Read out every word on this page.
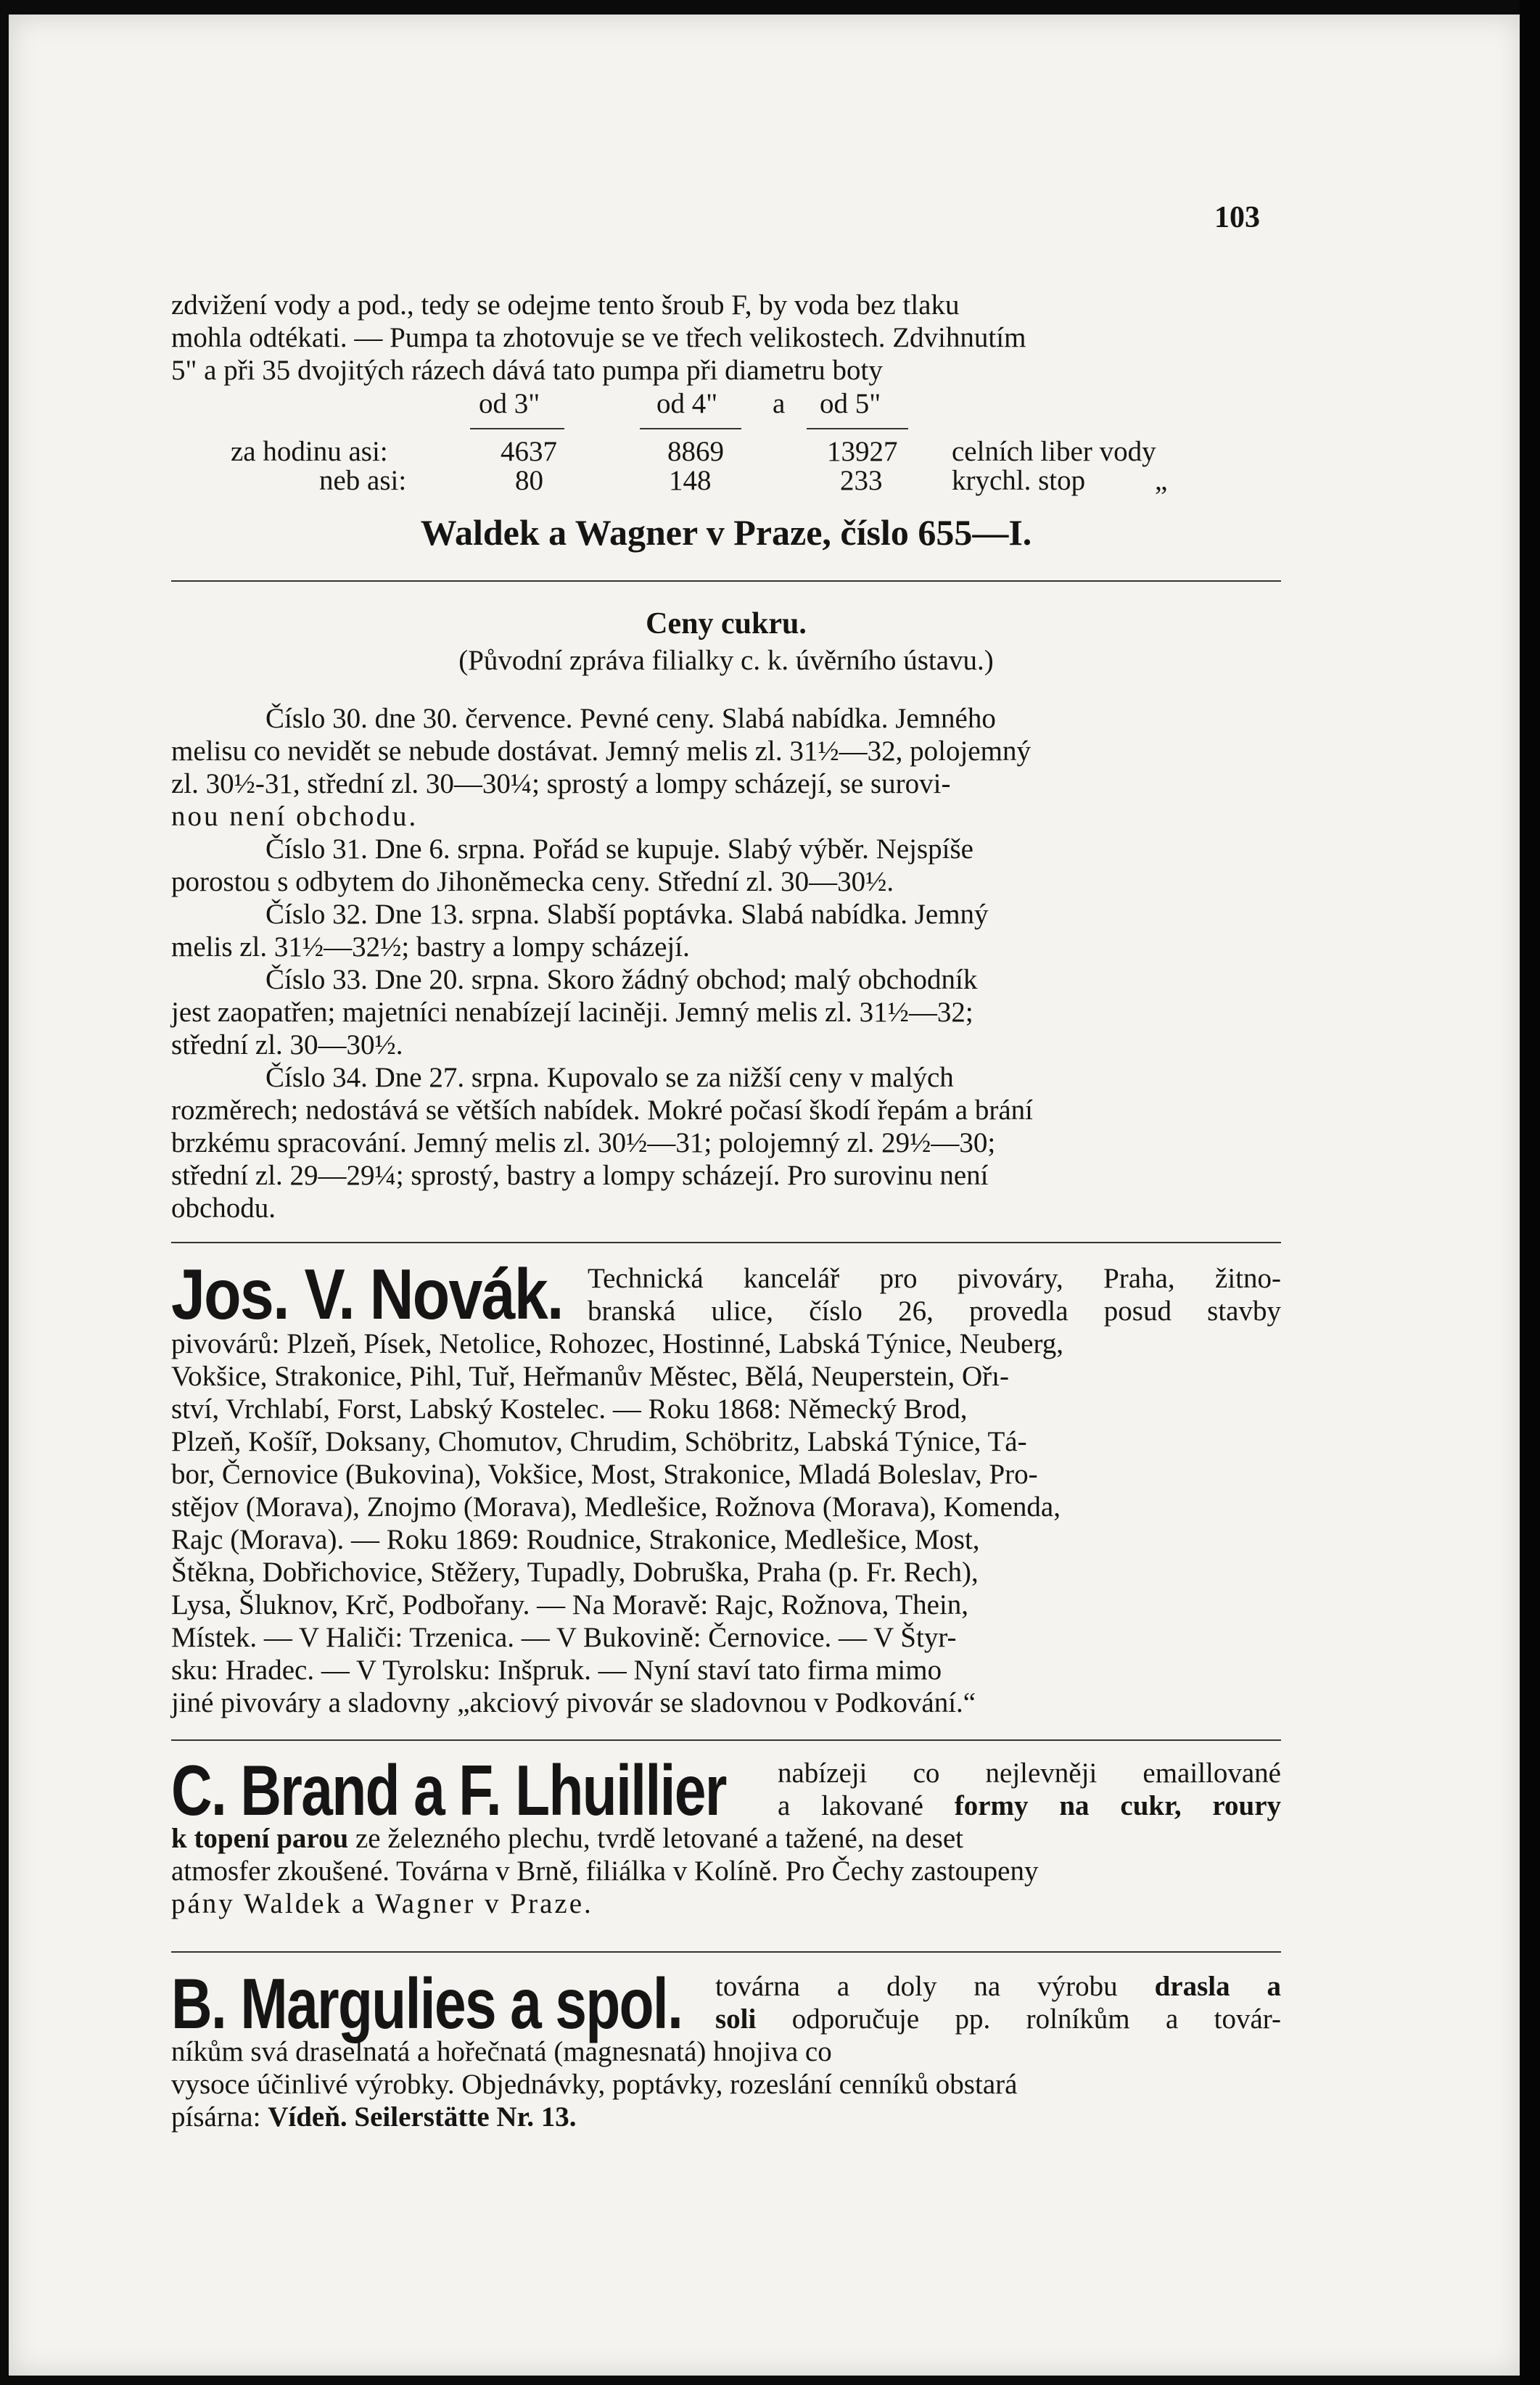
103
zdvižení vody a pod., tedy se odejme tento šroub F, by voda bez tlaku
mohla odtékati. — Pumpa ta zhotovuje se ve třech velikostech. Zdvihnutím
5" a při 35 dvojitých rázech dává tato pumpa při diametru boty
od 3"	od 4" a od 5"
za hodinu asi:	4637	8869	13927 celních liber vody
neb asi:	80	148	233 krychl. stop „
Waldek a Wagner v Praze, číslo 655—I.
Ceny cukru.
(Původní zpráva filialky c. k. úvěrního ústavu.)
Číslo 30. dne 30. července. Pevné ceny. Slabá nabídka. Jemného
melisu co nevidět se nebude dostávat. Jemný melis zl. 31½—32, polojemný
zl. 30½-31, střední zl. 30—30¼; sprostý a lompy scházejí, se surovi-
nou není obchodu.
Číslo 31. Dne 6. srpna. Pořád se kupuje. Slabý výběr. Nejspíše
porostou s odbytem do Jihoněmecka ceny. Střední zl. 30—30½.
Číslo 32. Dne 13. srpna. Slabší poptávka. Slabá nabídka. Jemný
melis zl. 31½—32½; bastry a lompy scházejí.
Číslo 33. Dne 20. srpna. Skoro žádný obchod; malý obchodník
jest zaopatřen; majetníci nenabízejí laciněji. Jemný melis zl. 31½—32;
střední zl. 30—30½.
Číslo 34. Dne 27. srpna. Kupovalo se za nižší ceny v malých
rozměrech; nedostává se větších nabídek. Mokré počasí škodí řepám a brání
brzkému spracování. Jemný melis zl. 30½—31; polojemný zl. 29½—30;
střední zl. 29—29¼; sprostý, bastry a lompy scházejí. Pro surovinu není
obchodu.
Jos. V. Novák. Technická kancelář pro pivováry, Praha, žitno-
branská ulice, číslo 26, provedla posud stavby
pivovárů: Plzeň, Písek, Netolice, Rohozec, Hostinné, Labská Týnice, Neuberg,
Vokšice, Strakonice, Pihl, Tuř, Heřmanův Městec, Bělá, Neuperstein, Ořı-
ství, Vrchlabí, Forst, Labský Kostelec. — Roku 1868: Německý Brod,
Plzeň, Košíř, Doksany, Chomutov, Chrudim, Schöbritz, Labská Týnice, Tá-
bor, Černovice (Bukovina), Vokšice, Most, Strakonice, Mladá Boleslav, Pro-
stějov (Morava), Znojmo (Morava), Medlešice, Rožnova (Morava), Komenda,
Rajc (Morava). — Roku 1869: Roudnice, Strakonice, Medlešice, Most,
Štěkna, Dobřichovice, Stěžery, Tupadly, Dobruška, Praha (p. Fr. Rech),
Lysa, Šluknov, Krč, Podbořany. — Na Moravě: Rajc, Rožnova, Thein,
Místek. — V Haliči: Trzenica. — V Bukovině: Černovice. — V Štyr-
sku: Hradec. — V Tyrolsku: Inšpruk. — Nyní staví tato firma mimo
jiné pivováry a sladovny „akciový pivovár se sladovnou v Podkování.“
C. Brand a F. Lhuillier nabízeji co nejlevněji emaillované
a lakované formy na cukr, roury
k topení parou ze železného plechu, tvrdě letované a tažené, na deset
atmosfer zkoušené. Továrna v Brně, filiálka v Kolíně. Pro Čechy zastoupeny
pány Waldek a Wagner v Praze.
B. Margulies a spol. továrna a doly na výrobu drasla a
soli odporučuje pp. rolníkům a továr-
níkům svá draselnatá a hořečnatá (magnesnatá) hnojiva co
vysoce účinlivé výrobky. Objednávky, poptávky, rozeslání cenníků obstará
písárna: Vídeň. Seilerstätte Nr. 13.
